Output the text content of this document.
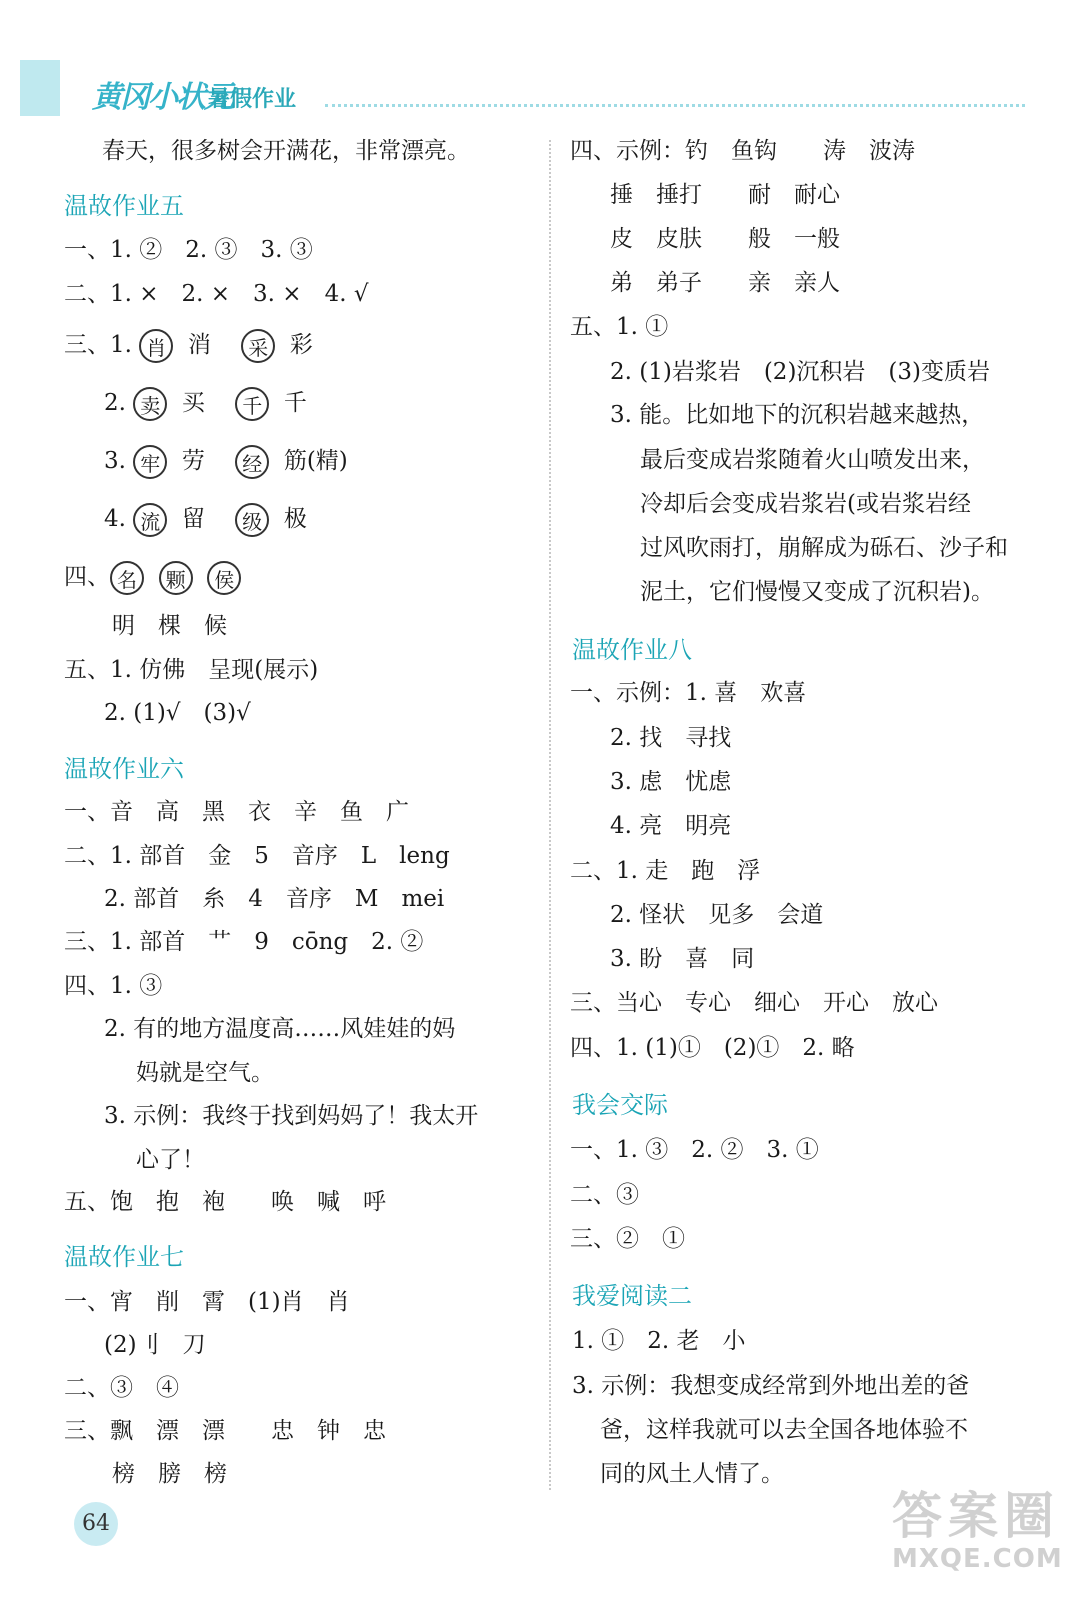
黄冈小状元
暑假作业
春天，很多树会开满花，非常漂亮。
温故作业五
一、1. ②　2. ③　3. ③
二、1. ×　2. ×　3. ×　4. √
三、1. 肖  消　 采  彩
2. 卖  买　 千  千
3. 牢  劳　 经  筋(精)
4. 流  留　 级  极
四、 名 颗 侯
明　棵　候
五、1. 仿佛　呈现(展示)
2. (1)√　(3)√
温故作业六
一、音　高　黑　衣　辛　鱼　广
二、1. 部首　金　5　音序　L　leng
2. 部首　糸　4　音序　M　mei
三、1. 部首　艹　9　cōng　2. ②
四、1. ③
2. 有的地方温度高……风娃娃的妈
妈就是空气。
3. 示例：我终于找到妈妈了！我太开
心了！
五、饱　抱　袍　　唤　喊　呼
温故作业七
一、宵　削　霄　(1)肖　肖
(2)刂　刀
二、③　④
三、飘　漂　漂　　忠　钟　忠
榜　膀　榜
四、示例：钓　鱼钩　　涛　波涛
捶　捶打　　耐　耐心
皮　皮肤　　般　一般
弟　弟子　　亲　亲人
五、1. ①
2. (1)岩浆岩　(2)沉积岩　(3)变质岩
3. 能。比如地下的沉积岩越来越热，
最后变成岩浆随着火山喷发出来，
冷却后会变成岩浆岩(或岩浆岩经
过风吹雨打，崩解成为砾石、沙子和
泥土，它们慢慢又变成了沉积岩)。
温故作业八
一、示例：1. 喜　欢喜
2. 找　寻找
3. 虑　忧虑
4. 亮　明亮
二、1. 走　跑　浮
2. 怪状　见多　会道
3. 盼　喜　同
三、当心　专心　细心　开心　放心
四、1. (1)①　(2)①　2. 略
我会交际
一、1. ③　2. ②　3. ①
二、③
三、②　①
我爱阅读二
1. ①　2. 老　小
3. 示例：我想变成经常到外地出差的爸
爸，这样我就可以去全国各地体验不
同的风土人情了。
64	答案圈
MXQE.COM
